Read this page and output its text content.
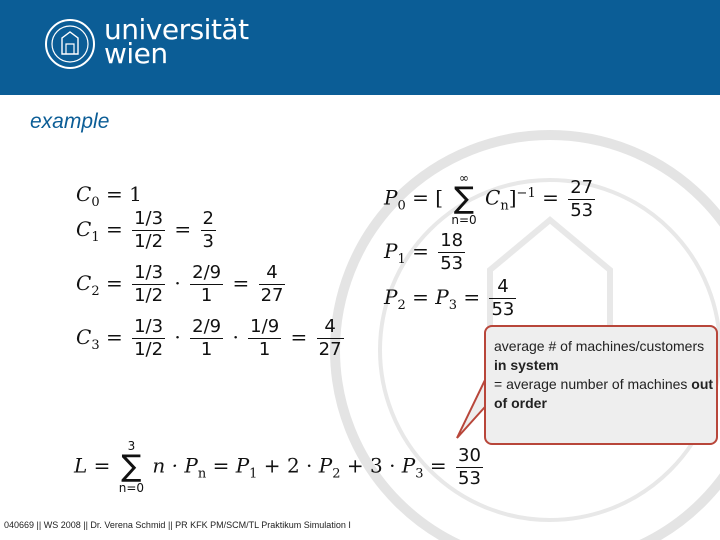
universität
wien
example
$C_0 = 1$
$C_1 = \frac{1/3}{1/2} = \frac{2}{3}$
$C_2 = \frac{1/3}{1/2} \cdot \frac{2/9}{1} = \frac{4}{27}$
$C_3 = \frac{1/3}{1/2} \cdot \frac{2/9}{1} \cdot \frac{1/9}{1} = \frac{4}{27}$
$P_0$ = [
∞
∑
n=0
$C_n]^{-1} = \frac{27}{53}$
$P_1 = \frac{18}{53}$
$P_2 = P_3 = \frac{4}{53}$
average # of machines/customers in system
= average number of machines out of order
L =
3
∑
n=0
$n \cdot P_n = P_1 + 2 \cdot P_2 + 3 \cdot P_3 = \frac{30}{53}$
040669 || WS 2008 || Dr. Verena Schmid || PR KFK PM/SCM/TL Praktikum Simulation I
